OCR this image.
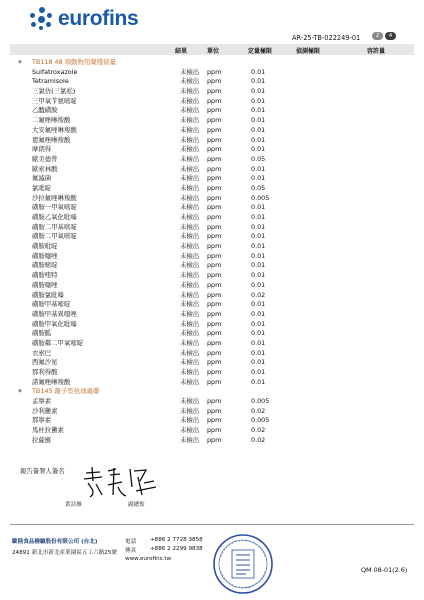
eurofins
AR-25-TB-022249-01	2	4
結果	單位	定量極限	偵測極限	容許量
◆ TB118 48 項動物用藥殘留量
Sulfatroxazole	未檢出 ppm	0.01
Tetramisole	未檢出 ppm	0.01
三氯仿(三氯松)	未檢出 ppm	0.01
三甲氧苄氨嘧啶	未檢出 ppm	0.01
乙醯磺胺	未檢出 ppm	0.01
二氟唑啉羧酸	未檢出 ppm	0.01
大安氟唑啉羧酸	未檢出 ppm	0.01
恩氟唑啉羧酸	未檢出 ppm	0.01
摩朗得	未檢出 ppm	0.01
歐美德普	未檢出 ppm	0.05
歐索林酸	未檢出 ppm	0.01
氟滅菌	未檢出 ppm	0.01
氯吡啶	未檢出 ppm	0.05
沙拉氟唑啉羧酸	未檢出 ppm	0.005
磺胺一甲氧嘧啶	未檢出 ppm	0.01
磺胺乙氧化吡嗪	未檢出 ppm	0.01
磺胺二甲基嘧啶	未檢出 ppm	0.01
磺胺二甲氧嘧啶	未檢出 ppm	0.01
磺胺吡啶	未檢出 ppm	0.01
磺胺噻唑	未檢出 ppm	0.01
磺胺嘧啶	未檢出 ppm	0.01
磺胺喹特	未檢出 ppm	0.01
磺胺噻唑	未檢出 ppm	0.01
磺胺氯吡嗪	未檢出 ppm	0.02
磺胺甲基嘧啶	未檢出 ppm	0.01
磺胺甲基異噁唑	未檢出 ppm	0.01
磺胺甲氧化吡嗪	未檢出 ppm	0.01
磺胺胍	未檢出 ppm	0.01
磺胺鄰二甲氧嘧啶	未檢出 ppm	0.01
衣索巴	未檢出 ppm	0.01
西氟沙星	未檢出 ppm	0.01
那利得酸	未檢出 ppm	0.01
諾氟唑啉羧酸	未檢出 ppm	0.01
◆ TB145 離子型抗球蟲藥
孟寧素	未檢出 ppm	0.005
沙利黴素	未檢出 ppm	0.02
那寧素	未檢出 ppm	0.005
馬杜拉黴素	未檢出 ppm	0.02
拉薩羅	未檢出 ppm	0.02
報告簽署人簽名
黃詩雁	副總監
歐陸食品檢驗股份有限公司 (台北)
24891 新北市新北產業園區五工六路25號
電話 +886 2 7728 3858
傳真 +886 2 2299 9838
www.eurofins.tw
QM 08-01(2.6)
